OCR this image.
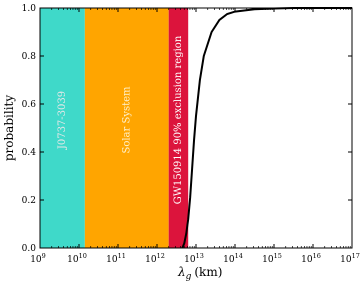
J0737-3039	Solar System	GW150914 90% exclusion region
$10^9$ $10^{10}$ $10^{11}$ $10^{12}$ $10^{13}$ $10^{14}$ $10^{15}$ $10^{16}$ $10^{17}$
0.0
0.2
0.4
0.6
0.8
1.0
probability
$\lambda_g$ (km)
